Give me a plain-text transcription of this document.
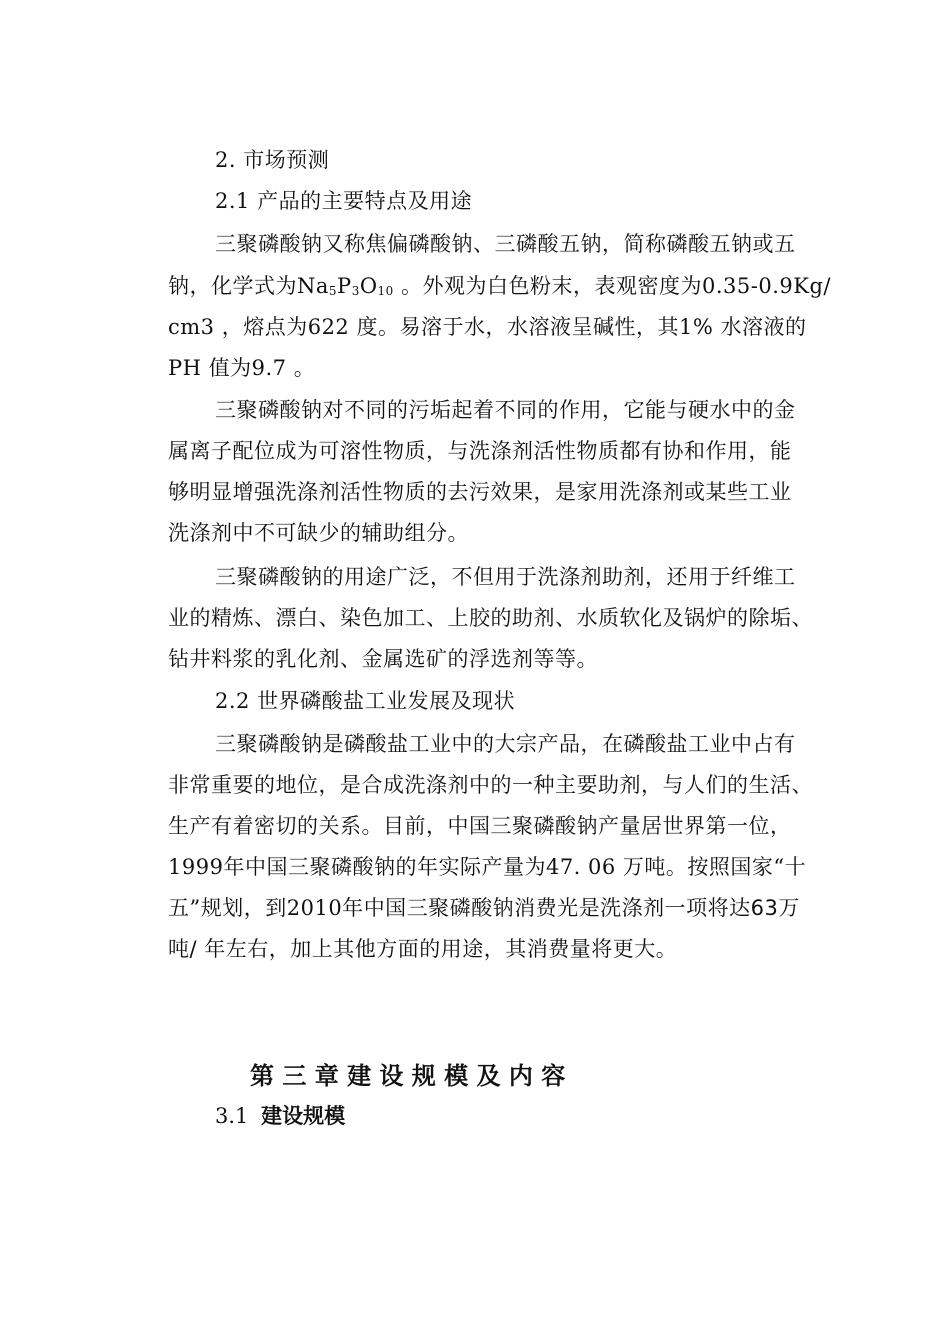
2. 市场预测
2.1 产品的主要特点及用途
三聚磷酸钠又称焦偏磷酸钠、三磷酸五钠，简称磷酸五钠或五
钠，化学式为Na5P3O10 。外观为白色粉末，表观密度为0.35-0.9Kg/
cm3 ，熔点为622 度。易溶于水，水溶液呈碱性，其1% 水溶液的
PH 值为9.7 。
三聚磷酸钠对不同的污垢起着不同的作用，它能与硬水中的金
属离子配位成为可溶性物质，与洗涤剂活性物质都有协和作用，能
够明显增强洗涤剂活性物质的去污效果，是家用洗涤剂或某些工业
洗涤剂中不可缺少的辅助组分。
三聚磷酸钠的用途广泛，不但用于洗涤剂助剂，还用于纤维工
业的精炼、漂白、染色加工、上胶的助剂、水质软化及锅炉的除垢、
钻井料浆的乳化剂、金属选矿的浮选剂等等。
2.2 世界磷酸盐工业发展及现状
三聚磷酸钠是磷酸盐工业中的大宗产品，在磷酸盐工业中占有
非常重要的地位，是合成洗涤剂中的一种主要助剂，与人们的生活、
生产有着密切的关系。目前，中国三聚磷酸钠产量居世界第一位，
1999年中国三聚磷酸钠的年实际产量为47. 06 万吨。按照国家“十
五”规划，到2010年中国三聚磷酸钠消费光是洗涤剂一项将达63万
吨/ 年左右，加上其他方面的用途，其消费量将更大。
第 三 章 建 设 规 模 及 内 容
3.1 建设规模
